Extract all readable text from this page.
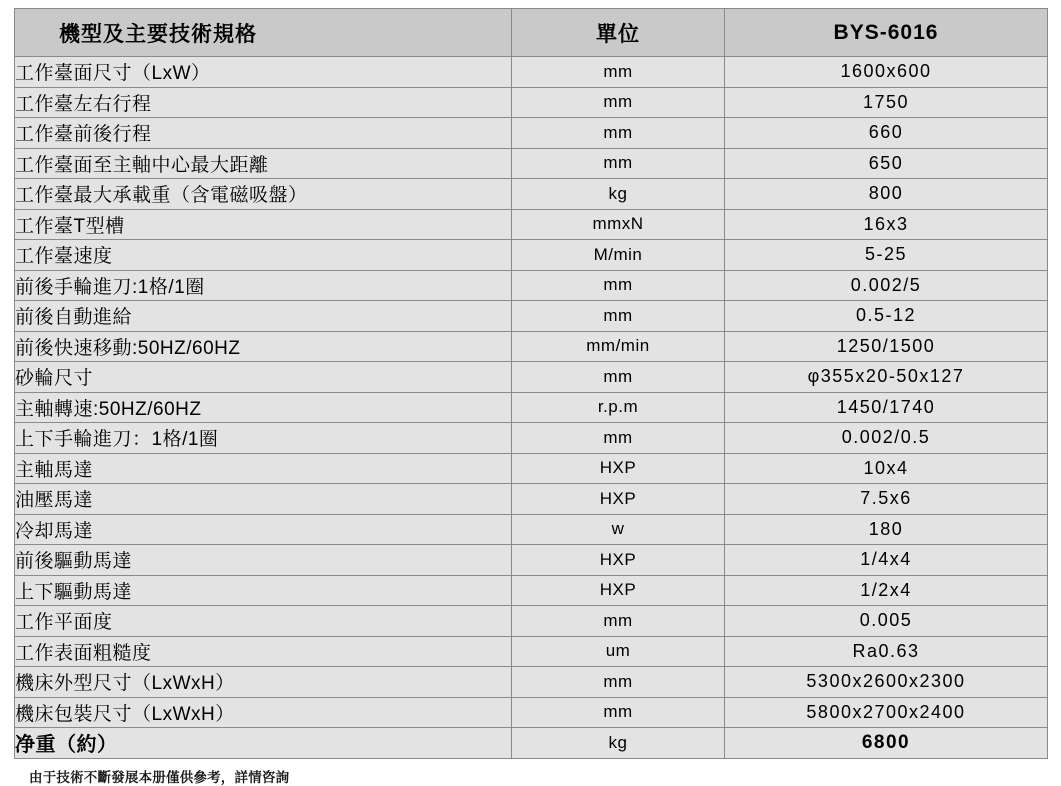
機型及主要技術規格	單位	BYS-6016
工作臺面尺寸（LxW）	mm	1600x600
工作臺左右行程	mm	1750
工作臺前後行程	mm	660
工作臺面至主軸中心最大距離	mm	650
工作臺最大承載重（含電磁吸盤）	kg	800
工作臺T型槽	mmxN	16x3
工作臺速度	M/min	5-25
前後手輪進刀:1格/1圈	mm	0.002/5
前後自動進給	mm	0.5-12
前後快速移動:50HZ/60HZ	mm/min	1250/1500
砂輪尺寸	mm	φ355x20-50x127
主軸轉速:50HZ/60HZ	r.p.m	1450/1740
上下手輪進刀：1格/1圈	mm	0.002/0.5
主軸馬達	HXP	10x4
油壓馬達	HXP	7.5x6
冷却馬達	w	180
前後驅動馬達	HXP	1/4x4
上下驅動馬達	HXP	1/2x4
工作平面度	mm	0.005
工作表面粗糙度	um	Ra0.63
機床外型尺寸（LxWxH）	mm	5300x2600x2300
機床包裝尺寸（LxWxH）	mm	5800x2700x2400
净重（約）	kg	6800
由于技術不斷發展本册僅供參考，詳情咨詢
